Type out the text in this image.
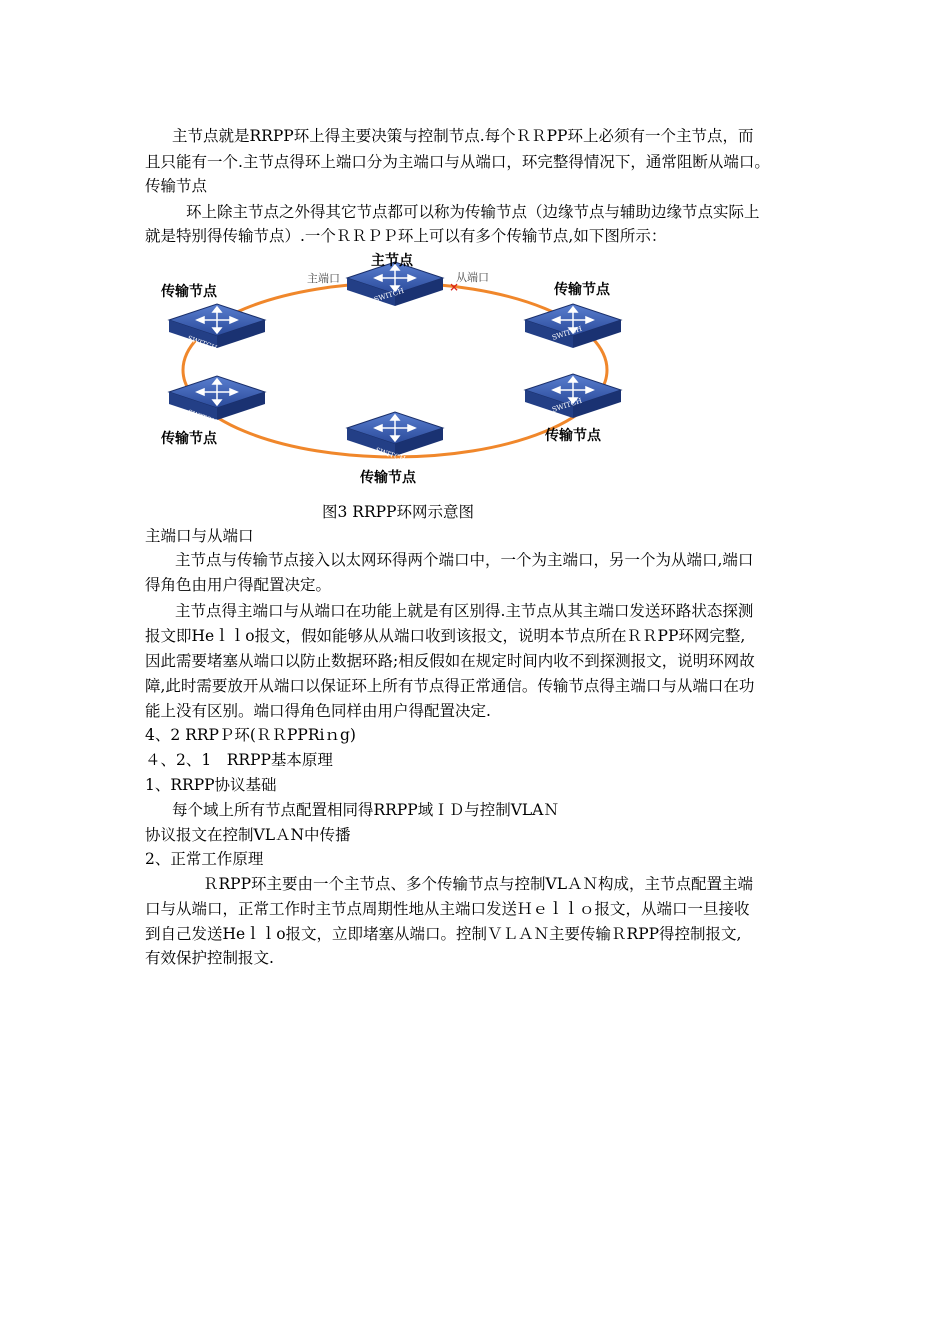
主节点就是RRPP环上得主要决策与控制节点.每个ＲＲPP环上必须有一个主节点，而
且只能有一个.主节点得环上端口分为主端口与从端口，环完整得情况下，通常阻断从端口。
传输节点
环上除主节点之外得其它节点都可以称为传输节点（边缘节点与辅助边缘节点实际上
就是特别得传输节点）.一个ＲＲＰＰ环上可以有多个传输节点,如下图所示：
SWITCH
SWITCH
SWITCH
SWITCH
SWITCH
SWITCH
主节点
主端口	从端口
×
传输节点	传输节点
传输节点	传输节点
传输节点
图3 RRPP环网示意图
主端口与从端口
主节点与传输节点接入以太网环得两个端口中，一个为主端口，另一个为从端口,端口
得角色由用户得配置决定。
主节点得主端口与从端口在功能上就是有区别得.主节点从其主端口发送环路状态探测
报文即Heｌｌo报文，假如能够从从端口收到该报文，说明本节点所在ＲＲPP环网完整,
因此需要堵塞从端口以防止数据环路;相反假如在规定时间内收不到探测报文，说明环网故
障,此时需要放开从端口以保证环上所有节点得正常通信。传输节点得主端口与从端口在功
能上没有区别。端口得角色同样由用户得配置决定.
4、2 RRPＰ环(ＲＲPPRiｎg)
４、2、1　RRPP基本原理
1、RRPP协议基础
每个域上所有节点配置相同得RRPP域ＩＤ与控制VLAＮ
协议报文在控制VLＡN中传播
2、正常工作原理
ＲRPP环主要由一个主节点、多个传输节点与控制VLＡＮ构成，主节点配置主端
口与从端口，正常工作时主节点周期性地从主端口发送Ｈｅｌｌｏ报文，从端口一旦接收
到自己发送Heｌｌo报文，立即堵塞从端口。控制ＶＬＡＮ主要传输ＲRPP得控制报文,
有效保护控制报文.
